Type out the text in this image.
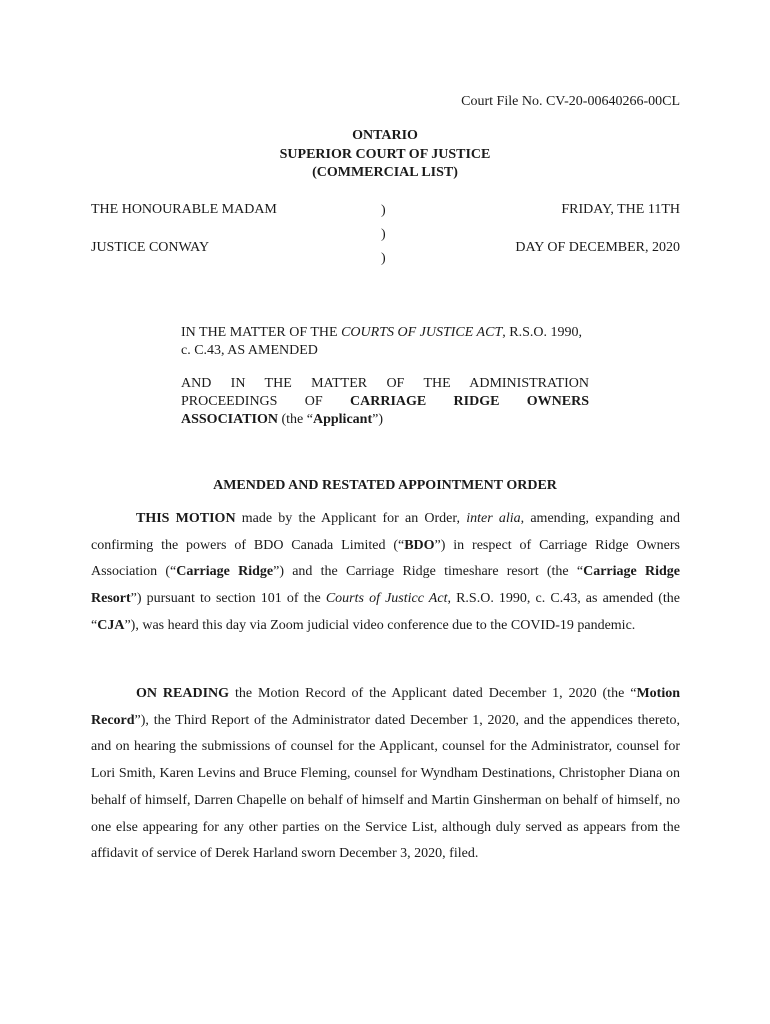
Court File No. CV-20-00640266-00CL
ONTARIO
SUPERIOR COURT OF JUSTICE
(COMMERCIAL LIST)
THE HONOURABLE MADAM
JUSTICE CONWAY
)
)
)
FRIDAY, THE 11TH
DAY OF DECEMBER, 2020

IN THE MATTER OF THE COURTS OF JUSTICE ACT, R.S.O. 1990, c. C.43, AS AMENDED

AND IN THE MATTER OF THE ADMINISTRATION PROCEEDINGS OF CARRIAGE RIDGE OWNERS ASSOCIATION (the “Applicant”)

AMENDED AND RESTATED APPOINTMENT ORDER

THIS MOTION made by the Applicant for an Order, inter alia, amending, expanding and confirming the powers of BDO Canada Limited (“BDO”) in respect of Carriage Ridge Owners Association (“Carriage Ridge”) and the Carriage Ridge timeshare resort (the “Carriage Ridge Resort”) pursuant to section 101 of the Courts of Justicc Act, R.S.O. 1990, c. C.43, as amended (the “CJA”), was heard this day via Zoom judicial video conference due to the COVID-19 pandemic.

ON READING the Motion Record of the Applicant dated December 1, 2020 (the “Motion Record”), the Third Report of the Administrator dated December 1, 2020, and the appendices thereto, and on hearing the submissions of counsel for the Applicant, counsel for the Administrator, counsel for Lori Smith, Karen Levins and Bruce Fleming, counsel for Wyndham Destinations, Christopher Diana on behalf of himself, Darren Chapelle on behalf of himself and Martin Ginsherman on behalf of himself, no one else appearing for any other parties on the Service List, although duly served as appears from the affidavit of service of Derek Harland sworn December 3, 2020, filed.
